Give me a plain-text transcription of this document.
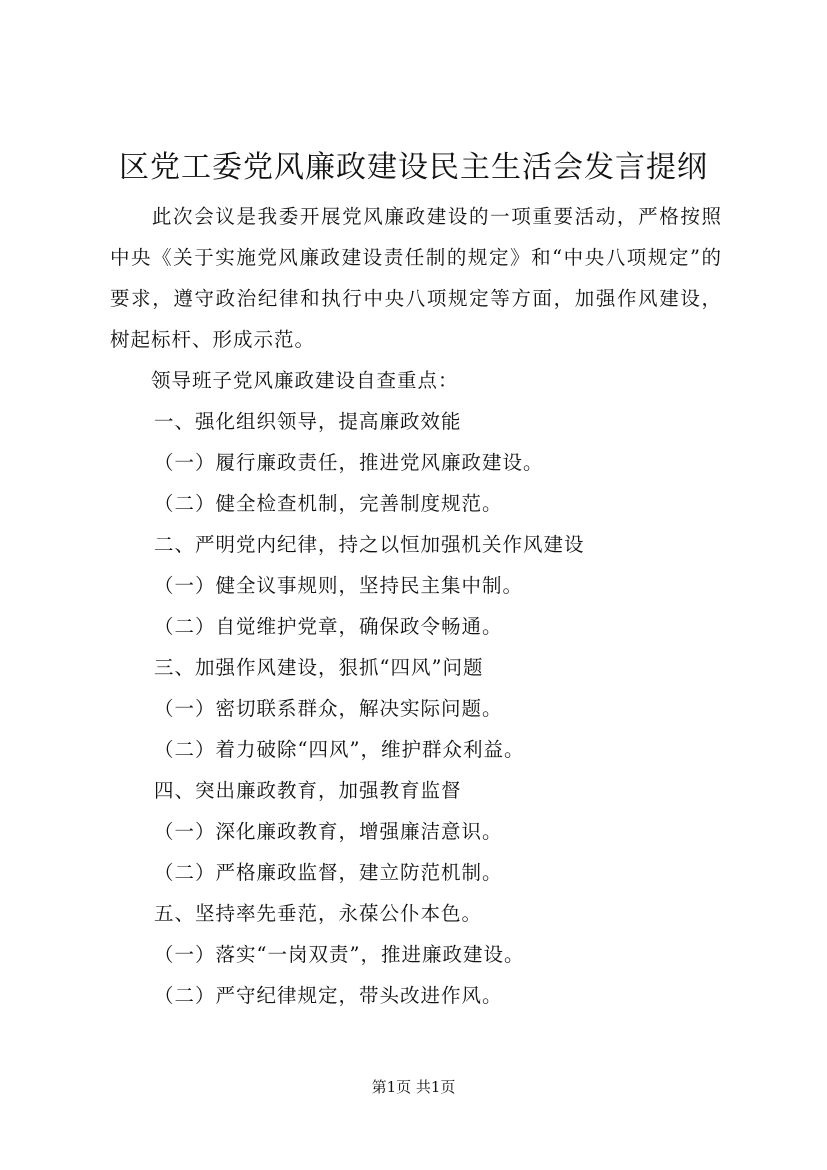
区党工委党风廉政建设民主生活会发言提纲

此次会议是我委开展党风廉政建设的一项重要活动，严格按照中央《关于实施党风廉政建设责任制的规定》和“中央八项规定”的要求，遵守政治纪律和执行中央八项规定等方面，加强作风建设，树起标杆、形成示范。

领导班子党风廉政建设自查重点：

一、强化组织领导，提高廉政效能

（一）履行廉政责任，推进党风廉政建设。

（二）健全检查机制，完善制度规范。

二、严明党内纪律，持之以恒加强机关作风建设

（一）健全议事规则，坚持民主集中制。

（二）自觉维护党章，确保政令畅通。

三、加强作风建设，狠抓“四风”问题

（一）密切联系群众，解决实际问题。

（二）着力破除“四风”，维护群众利益。

四、突出廉政教育，加强教育监督

（一）深化廉政教育，增强廉洁意识。

（二）严格廉政监督，建立防范机制。

五、坚持率先垂范，永葆公仆本色。

（一）落实“一岗双责”，推进廉政建设。

（二）严守纪律规定，带头改进作风。

第1页 共1页
